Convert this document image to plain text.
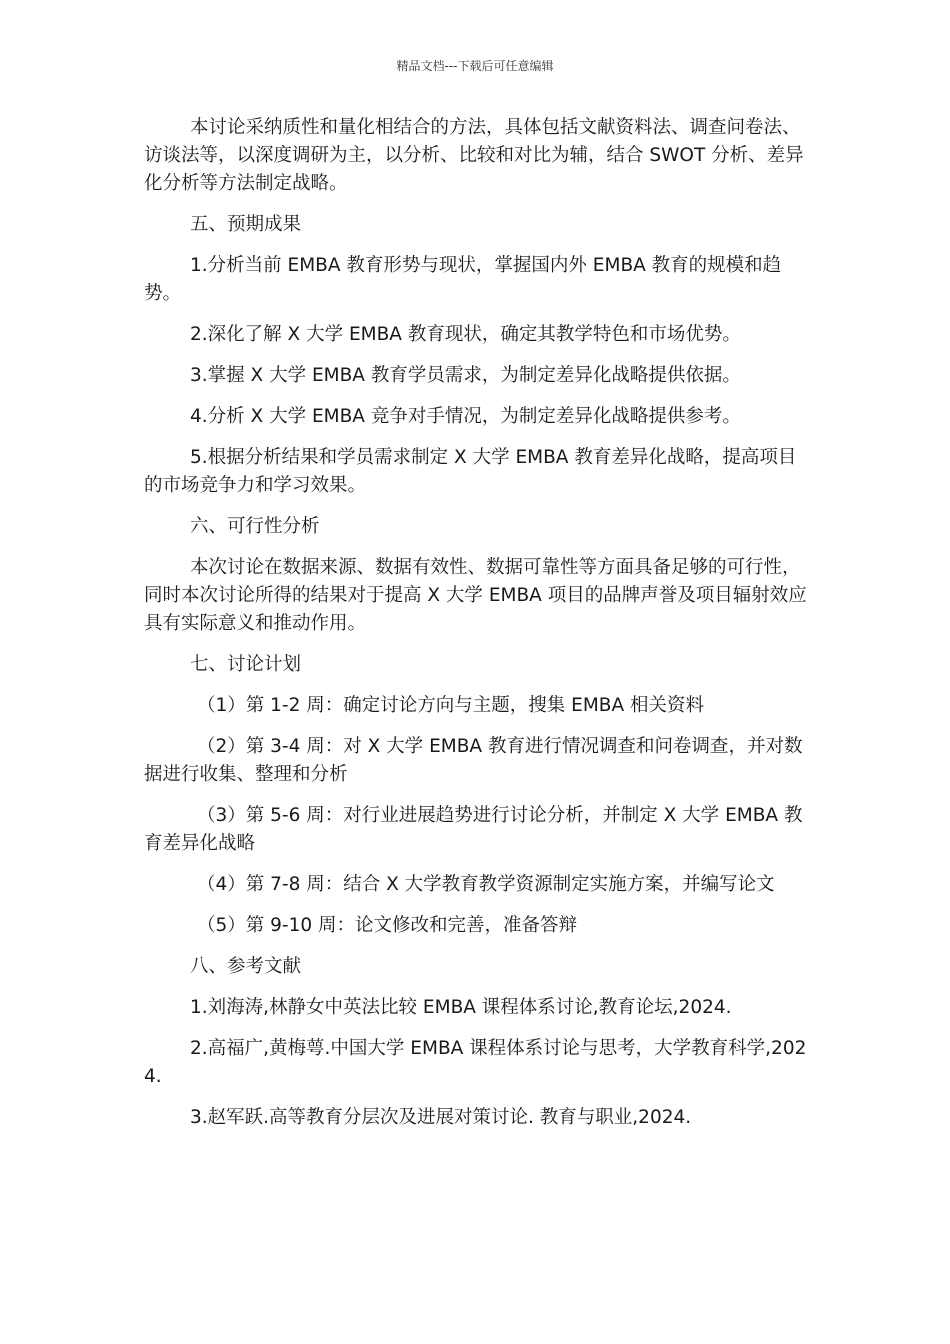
精品文档---下载后可任意编辑

本讨论采纳质性和量化相结合的方法，具体包括文献资料法、调查问卷法、访谈法等，以深度调研为主，以分析、比较和对比为辅，结合 SWOT 分析、差异化分析等方法制定战略。

五、预期成果

1.分析当前 EMBA 教育形势与现状，掌握国内外 EMBA 教育的规模和趋势。

2.深化了解 X 大学 EMBA 教育现状，确定其教学特色和市场优势。

3.掌握 X 大学 EMBA 教育学员需求，为制定差异化战略提供依据。

4.分析 X 大学 EMBA 竞争对手情况，为制定差异化战略提供参考。

5.根据分析结果和学员需求制定 X 大学 EMBA 教育差异化战略，提高项目的市场竞争力和学习效果。

六、可行性分析

本次讨论在数据来源、数据有效性、数据可靠性等方面具备足够的可行性，同时本次讨论所得的结果对于提高 X 大学 EMBA 项目的品牌声誉及项目辐射效应具有实际意义和推动作用。

七、讨论计划

（1）第 1-2 周：确定讨论方向与主题，搜集 EMBA 相关资料

（2）第 3-4 周：对 X 大学 EMBA 教育进行情况调查和问卷调查，并对数据进行收集、整理和分析

（3）第 5-6 周：对行业进展趋势进行讨论分析，并制定 X 大学 EMBA 教育差异化战略

（4）第 7-8 周：结合 X 大学教育教学资源制定实施方案，并编写论文

（5）第 9-10 周：论文修改和完善，准备答辩

八、参考文献

1.刘海涛,林静女中英法比较 EMBA 课程体系讨论,教育论坛,2024.

2.高福广,黄梅萼.中国大学 EMBA 课程体系讨论与思考，大学教育科学,2024.

3.赵军跃.高等教育分层次及进展对策讨论. 教育与职业,2024.
